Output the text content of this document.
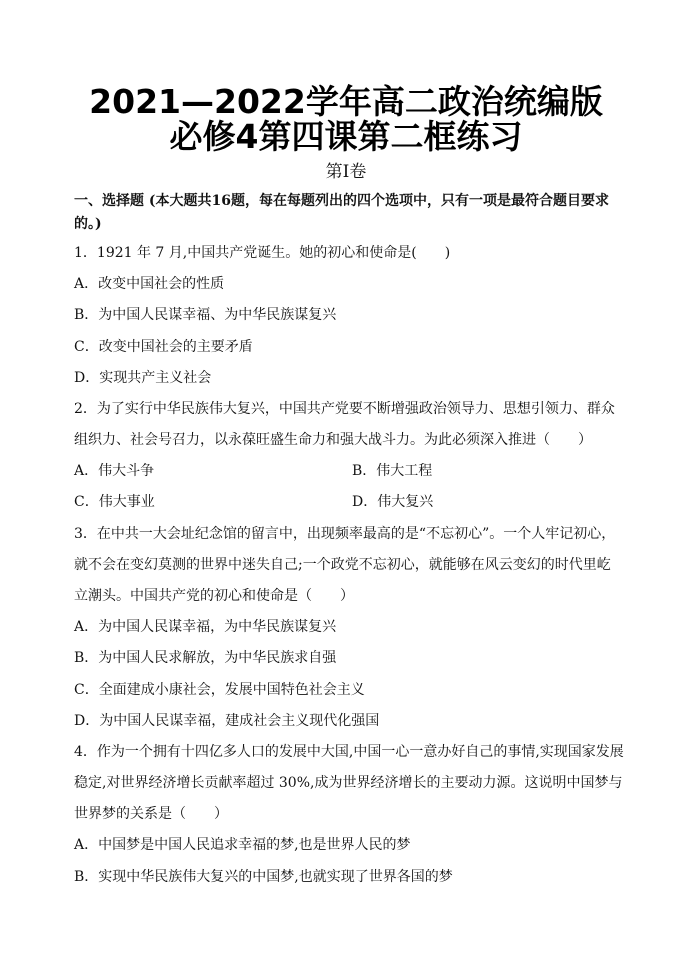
2021—2022学年高二政治统编版
必修4第四课第二框练习
第Ⅰ卷
一、选择题 (本大题共16题，每在每题列出的四个选项中，只有一项是最符合题目要求
的。)
1．1921 年 7 月,中国共产党诞生。她的初心和使命是(　　)
A．改变中国社会的性质
B．为中国人民谋幸福、为中华民族谋复兴
C．改变中国社会的主要矛盾
D．实现共产主义社会
2．为了实行中华民族伟大复兴，中国共产党要不断增强政治领导力、思想引领力、群众
组织力、社会号召力，以永葆旺盛生命力和强大战斗力。为此必须深入推进（　　）
A．伟大斗争	B．伟大工程
C．伟大事业	D．伟大复兴
3．在中共一大会址纪念馆的留言中，出现频率最高的是“不忘初心”。一个人牢记初心，
就不会在变幻莫测的世界中迷失自己;一个政党不忘初心，就能够在风云变幻的时代里屹
立潮头。中国共产党的初心和使命是（　　）
A．为中国人民谋幸福，为中华民族谋复兴
B．为中国人民求解放，为中华民族求自强
C．全面建成小康社会，发展中国特色社会主义
D．为中国人民谋幸福，建成社会主义现代化强国
4．作为一个拥有十四亿多人口的发展中大国,中国一心一意办好自己的事情,实现国家发展
稳定,对世界经济增长贡献率超过 30%,成为世界经济增长的主要动力源。这说明中国梦与
世界梦的关系是（　　）
A．中国梦是中国人民追求幸福的梦,也是世界人民的梦
B．实现中华民族伟大复兴的中国梦,也就实现了世界各国的梦
